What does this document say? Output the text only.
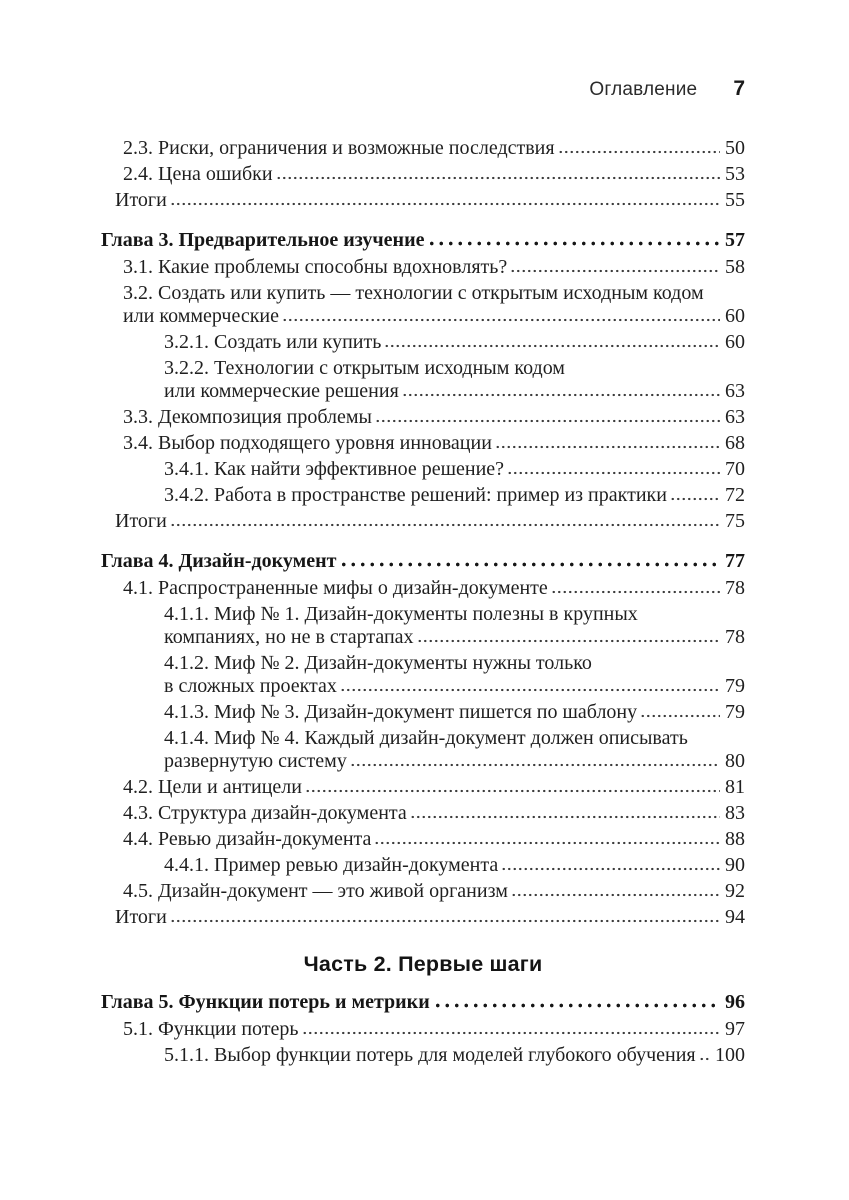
Оглавление 7
2.3. Риски, ограничения и возможные последствия	50
2.4. Цена ошибки	53
Итоги	55
Глава 3. Предварительное изучение	57
3.1. Какие проблемы способны вдохновлять?	58
3.2. Создать или купить — технологии с открытым исходным кодом
или коммерческие	60
3.2.1. Создать или купить	60
3.2.2. Технологии с открытым исходным кодом
или коммерческие решения	63
3.3. Декомпозиция проблемы	63
3.4. Выбор подходящего уровня инновации	68
3.4.1. Как найти эффективное решение?	70
3.4.2. Работа в пространстве решений: пример из практики	72
Итоги	75
Глава 4. Дизайн-документ	77
4.1. Распространенные мифы о дизайн-документе	78
4.1.1. Миф № 1. Дизайн-документы полезны в крупных
компаниях, но не в стартапах	78
4.1.2. Миф № 2. Дизайн-документы нужны только
в сложных проектах	79
4.1.3. Миф № 3. Дизайн-документ пишется по шаблону	79
4.1.4. Миф № 4. Каждый дизайн-документ должен описывать
развернутую систему	80
4.2. Цели и антицели	81
4.3. Структура дизайн-документа	83
4.4. Ревью дизайн-документа	88
4.4.1. Пример ревью дизайн-документа	90
4.5. Дизайн-документ — это живой организм	92
Итоги	94
Часть 2. Первые шаги
Глава 5. Функции потерь и метрики	96
5.1. Функции потерь	97
5.1.1. Выбор функции потерь для моделей глубокого обучения 100
